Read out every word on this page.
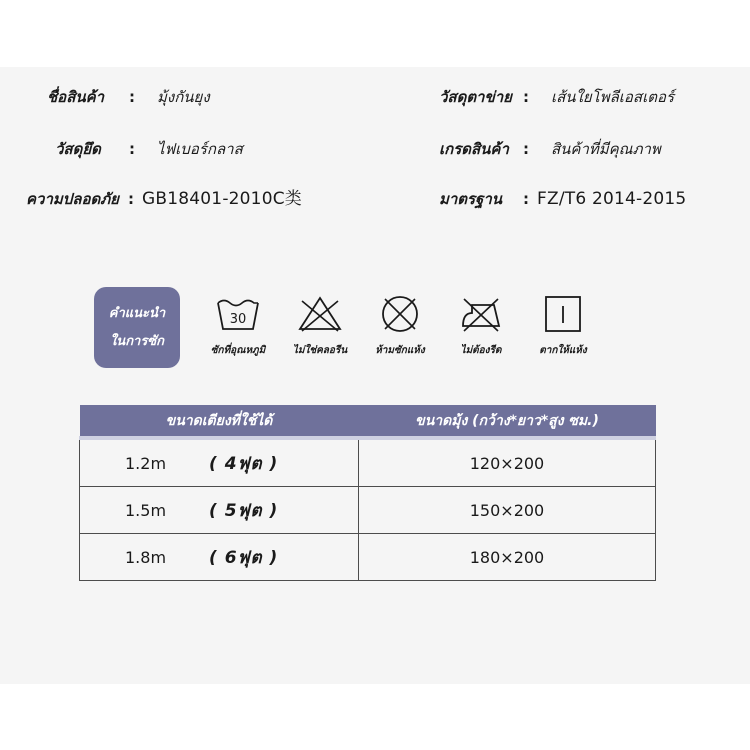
ชื่อสินค้า : มุ้งกันยุง	วัสดุตาข่าย : เส้นใยโพลีเอสเตอร์
วัสดุยึด : ไฟเบอร์กลาส	เกรดสินค้า : สินค้าที่มีคุณภาพ
ความปลอดภัย : GB18401-2010C类	มาตรฐาน : FZ/T6 2014-2015
คำแนะนำ
ในการซัก
30
ซักที่อุณหภูมิ	ไม่ใช่คลอรีน	ห้ามซักแห้ง	ไม่ต้องรีด	ตากให้แห้ง
ขนาดเตียงที่ใช้ได้	ขนาดมุ้ง (กว้าง*ยาว*สูง ซม.)
1.2m ( 4ฟุต )	120×200
1.5m ( 5ฟุต )	150×200
1.8m ( 6ฟุต )	180×200
